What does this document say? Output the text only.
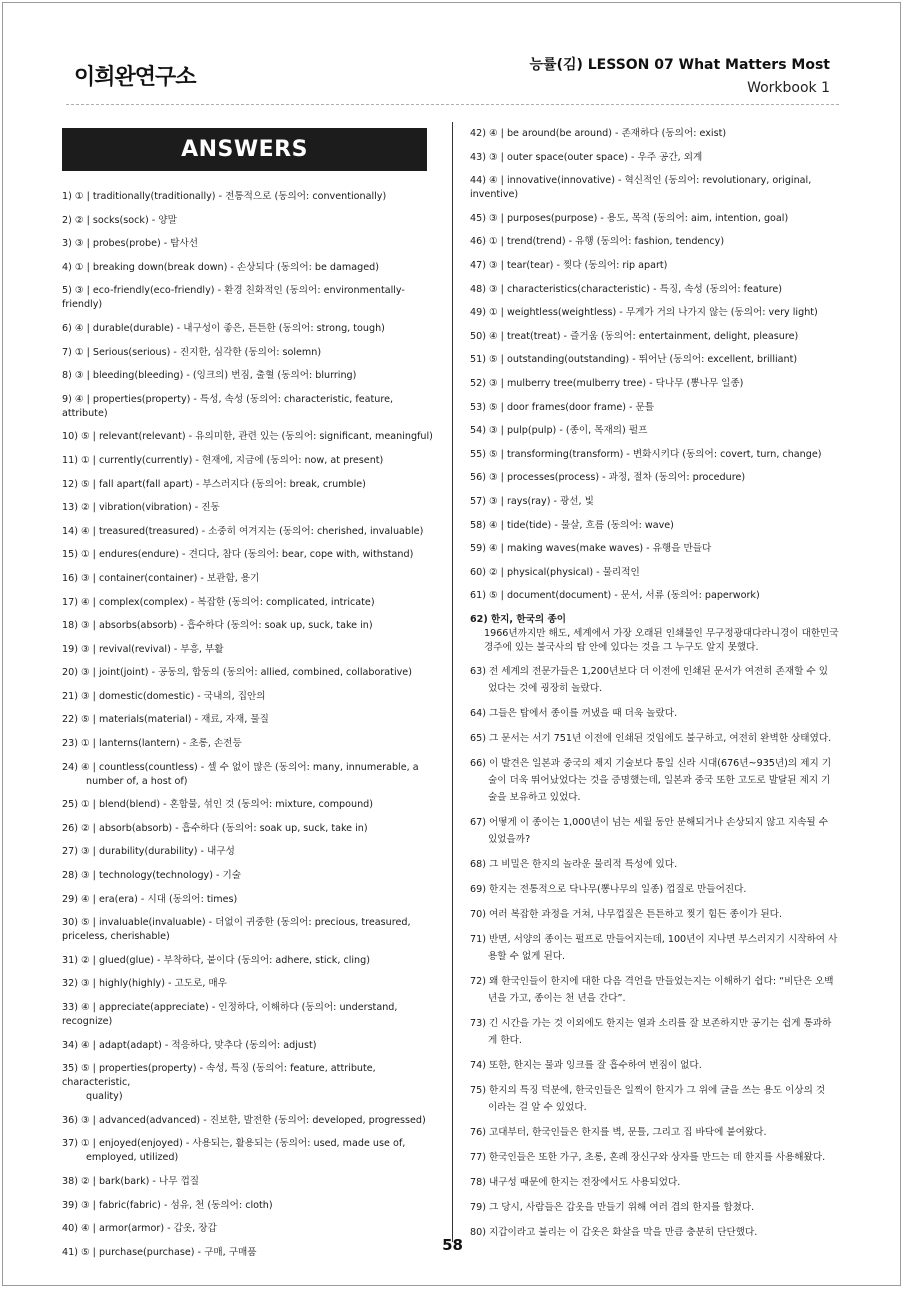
이희완연구소	능률(김) LESSON 07 What Matters Most
Workbook 1
ANSWERS
1) ① | traditionally(traditionally) - 전통적으로 (동의어: conventionally)
2) ② | socks(sock) - 양말
3) ③ | probes(probe) - 탐사선
4) ① | breaking down(break down) - 손상되다 (동의어: be damaged)
5) ③ | eco-friendly(eco-friendly) - 환경 친화적인 (동의어: environmentally-friendly)
6) ④ | durable(durable) - 내구성이 좋은, 튼튼한 (동의어: strong, tough)
7) ① | Serious(serious) - 진지한, 심각한 (동의어: solemn)
8) ③ | bleeding(bleeding) - (잉크의) 번짐, 출혈 (동의어: blurring)
9) ④ | properties(property) - 특성, 속성 (동의어: characteristic, feature, attribute)
10) ⑤ | relevant(relevant) - 유의미한, 관련 있는 (동의어: significant, meaningful)
11) ① | currently(currently) - 현재에, 지금에 (동의어: now, at present)
12) ⑤ | fall apart(fall apart) - 부스러지다 (동의어: break, crumble)
13) ② | vibration(vibration) - 진동
14) ④ | treasured(treasured) - 소중히 여겨지는 (동의어: cherished, invaluable)
15) ① | endures(endure) - 견디다, 참다 (동의어: bear, cope with, withstand)
16) ③ | container(container) - 보관함, 용기
17) ④ | complex(complex) - 복잡한 (동의어: complicated, intricate)
18) ③ | absorbs(absorb) - 흡수하다 (동의어: soak up, suck, take in)
19) ③ | revival(revival) - 부흥, 부활
20) ③ | joint(joint) - 공동의, 합동의 (동의어: allied, combined, collaborative)
21) ③ | domestic(domestic) - 국내의, 집안의
22) ⑤ | materials(material) - 재료, 자재, 물질
23) ① | lanterns(lantern) - 초롱, 손전등
24) ④ | countless(countless) - 셀 수 없이 많은 (동의어: many, innumerable, a
number of, a host of)
25) ① | blend(blend) - 혼합물, 섞인 것 (동의어: mixture, compound)
26) ② | absorb(absorb) - 흡수하다 (동의어: soak up, suck, take in)
27) ③ | durability(durability) - 내구성
28) ③ | technology(technology) - 기술
29) ④ | era(era) - 시대 (동의어: times)
30) ⑤ | invaluable(invaluable) - 더없이 귀중한 (동의어: precious, treasured,
priceless, cherishable)
31) ② | glued(glue) - 부착하다, 붙이다 (동의어: adhere, stick, cling)
32) ③ | highly(highly) - 고도로, 매우
33) ④ | appreciate(appreciate) - 인정하다, 이해하다 (동의어: understand, recognize)
34) ④ | adapt(adapt) - 적응하다, 맞추다 (동의어: adjust)
35) ⑤ | properties(property) - 속성, 특징 (동의어: feature, attribute, characteristic,
quality)
36) ③ | advanced(advanced) - 진보한, 발전한 (동의어: developed, progressed)
37) ① | enjoyed(enjoyed) - 사용되는, 활용되는 (동의어: used, made use of,
employed, utilized)
38) ② | bark(bark) - 나무 껍질
39) ③ | fabric(fabric) - 섬유, 천 (동의어: cloth)
40) ④ | armor(armor) - 갑옷, 장갑
41) ⑤ | purchase(purchase) - 구매, 구매품
42) ④ | be around(be around) - 존재하다 (동의어: exist)
43) ③ | outer space(outer space) - 우주 공간, 외계
44) ④ | innovative(innovative) - 혁신적인 (동의어: revolutionary, original, inventive)
45) ③ | purposes(purpose) - 용도, 목적 (동의어: aim, intention, goal)
46) ① | trend(trend) - 유행 (동의어: fashion, tendency)
47) ③ | tear(tear) - 찢다 (동의어: rip apart)
48) ③ | characteristics(characteristic) - 특징, 속성 (동의어: feature)
49) ① | weightless(weightless) - 무게가 거의 나가지 않는 (동의어: very light)
50) ④ | treat(treat) - 즐거움 (동의어: entertainment, delight, pleasure)
51) ⑤ | outstanding(outstanding) - 뛰어난 (동의어: excellent, brilliant)
52) ③ | mulberry tree(mulberry tree) - 닥나무 (뽕나무 일종)
53) ⑤ | door frames(door frame) - 문틀
54) ③ | pulp(pulp) - (종이, 목재의) 펄프
55) ⑤ | transforming(transform) - 변화시키다 (동의어: covert, turn, change)
56) ③ | processes(process) - 과정, 절차 (동의어: procedure)
57) ③ | rays(ray) - 광선, 빛
58) ④ | tide(tide) - 물살, 흐름 (동의어: wave)
59) ④ | making waves(make waves) - 유행을 만들다
60) ② | physical(physical) - 물리적인
61) ⑤ | document(document) - 문서, 서류 (동의어: paperwork)
62) 한지, 한국의 종이
1966년까지만 해도, 세계에서 가장 오래된 인쇄물인 무구정광대다라니경이 대한민국
경주에 있는 불국사의 탑 안에 있다는 것을 그 누구도 알지 못했다.
63) 전 세계의 전문가들은 1,200년보다 더 이전에 인쇄된 문서가 여전히 존재할 수 있
었다는 것에 굉장히 놀랐다.
64) 그들은 탑에서 종이를 꺼냈을 때 더욱 놀랐다.
65) 그 문서는 서기 751년 이전에 인쇄된 것임에도 불구하고, 여전히 완벽한 상태였다.
66) 이 발견은 일본과 중국의 제지 기술보다 통일 신라 시대(676년~935년)의 제지 기
술이 더욱 뛰어났었다는 것을 증명했는데, 일본과 중국 또한 고도로 발달된 제지 기
술을 보유하고 있었다.
67) 어떻게 이 종이는 1,000년이 넘는 세월 동안 분해되거나 손상되지 않고 지속될 수
있었을까?
68) 그 비밀은 한지의 놀라운 물리적 특성에 있다.
69) 한지는 전통적으로 닥나무(뽕나무의 일종) 껍질로 만들어진다.
70) 여러 복잡한 과정을 거쳐, 나무껍질은 튼튼하고 찢기 힘든 종이가 된다.
71) 반면, 서양의 종이는 펄프로 만들어지는데, 100년이 지나면 부스러지기 시작하여 사
용할 수 없게 된다.
72) 왜 한국인들이 한지에 대한 다음 격언을 만들었는지는 이해하기 쉽다: “비단은 오백
년을 가고, 종이는 천 년을 간다”.
73) 긴 시간을 가는 것 이외에도 한지는 열과 소리를 잘 보존하지만 공기는 쉽게 통과하
게 한다.
74) 또한, 한지는 물과 잉크를 잘 흡수하여 번짐이 없다.
75) 한지의 특징 덕분에, 한국인들은 일찍이 한지가 그 위에 글을 쓰는 용도 이상의 것
이라는 걸 알 수 있었다.
76) 고대부터, 한국인들은 한지를 벽, 문틀, 그리고 집 바닥에 붙여왔다.
77) 한국인들은 또한 가구, 초롱, 혼례 장신구와 상자를 만드는 데 한지를 사용해왔다.
78) 내구성 때문에 한지는 전장에서도 사용되었다.
79) 그 당시, 사람들은 갑옷을 만들기 위해 여러 겹의 한지를 합쳤다.
80) 지갑이라고 불리는 이 갑옷은 화살을 막을 만큼 충분히 단단했다.
58
